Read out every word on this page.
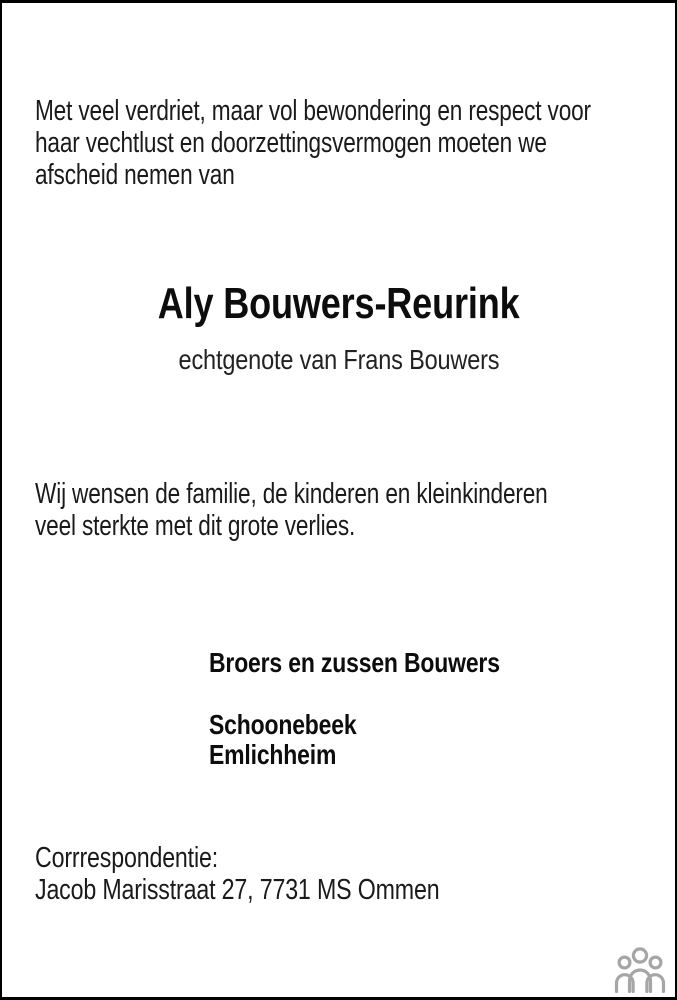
Met veel verdriet, maar vol bewondering en respect voor
haar vechtlust en doorzettingsvermogen moeten we
afscheid nemen van
Aly Bouwers-Reurink
echtgenote van Frans Bouwers
Wij wensen de familie, de kinderen en kleinkinderen
veel sterkte met dit grote verlies.
Broers en zussen Bouwers
Schoonebeek
Emlichheim
Corrrespondentie:
Jacob Marisstraat 27, 7731 MS Ommen
